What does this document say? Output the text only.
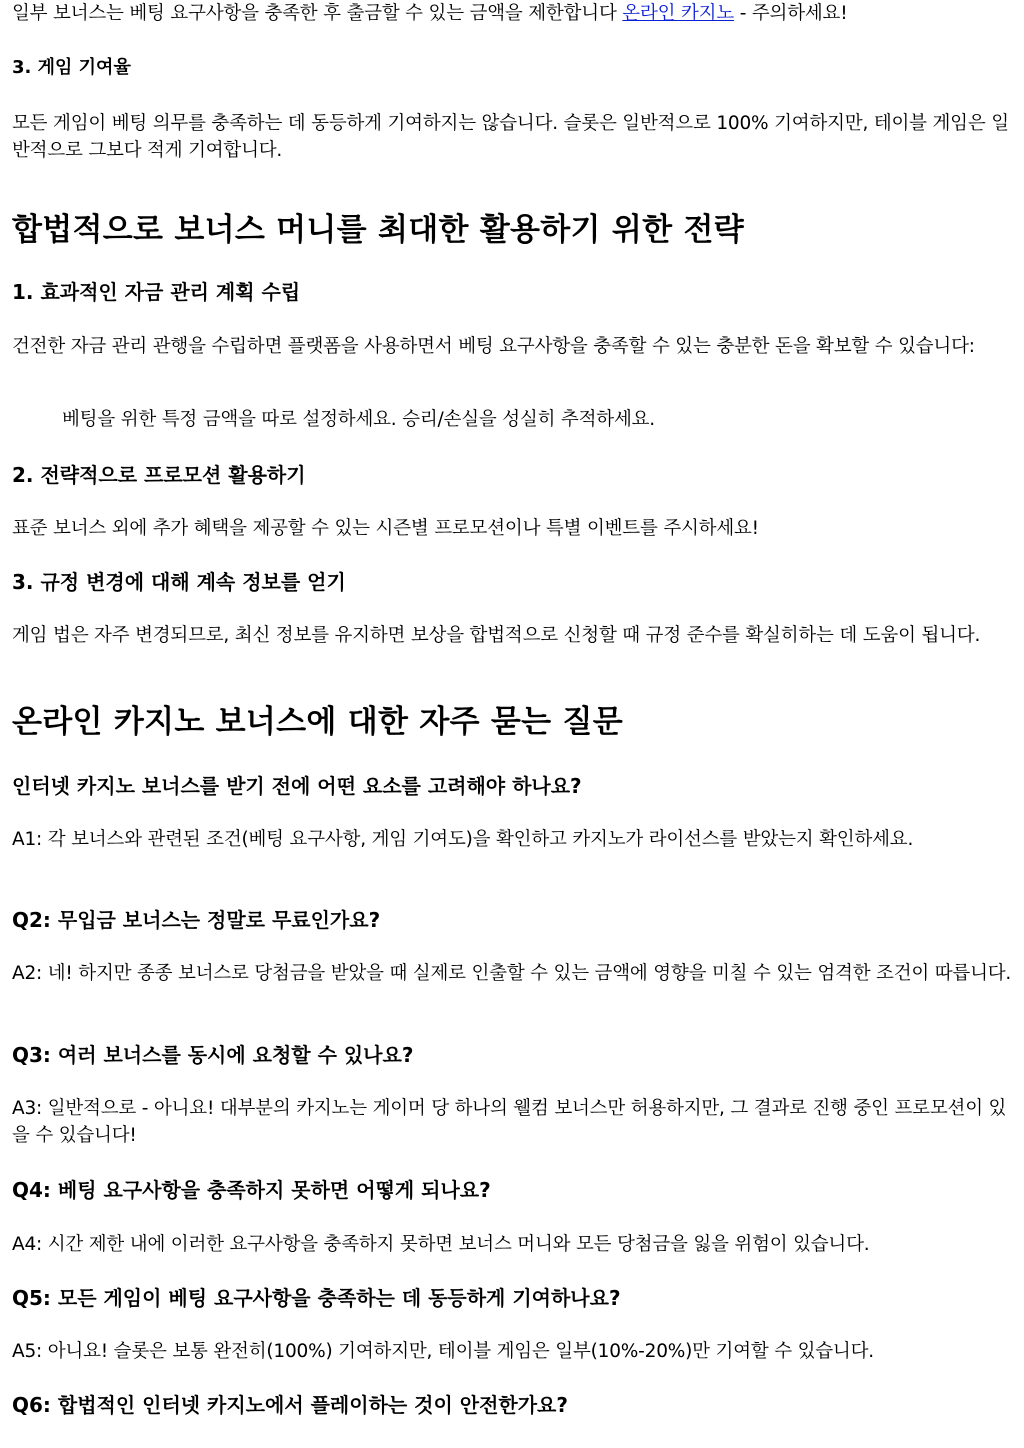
일부 보너스는 베팅 요구사항을 충족한 후 출금할 수 있는 금액을 제한합니다 온라인 카지노 - 주의하세요!

3. 게임 기여율

모든 게임이 베팅 의무를 충족하는 데 동등하게 기여하지는 않습니다. 슬롯은 일반적으로 100% 기여하지만, 테이블 게임은 일반적으로 그보다 적게 기여합니다.

합법적으로 보너스 머니를 최대한 활용하기 위한 전략
1. 효과적인 자금 관리 계획 수립

건전한 자금 관리 관행을 수립하면 플랫폼을 사용하면서 베팅 요구사항을 충족할 수 있는 충분한 돈을 확보할 수 있습니다:

베팅을 위한 특정 금액을 따로 설정하세요. 승리/손실을 성실히 추적하세요.

2. 전략적으로 프로모션 활용하기

표준 보너스 외에 추가 혜택을 제공할 수 있는 시즌별 프로모션이나 특별 이벤트를 주시하세요!

3. 규정 변경에 대해 계속 정보를 얻기

게임 법은 자주 변경되므로, 최신 정보를 유지하면 보상을 합법적으로 신청할 때 규정 준수를 확실히하는 데 도움이 됩니다.

온라인 카지노 보너스에 대한 자주 묻는 질문
인터넷 카지노 보너스를 받기 전에 어떤 요소를 고려해야 하나요?

A1: 각 보너스와 관련된 조건(베팅 요구사항, 게임 기여도)을 확인하고 카지노가 라이선스를 받았는지 확인하세요.

Q2: 무입금 보너스는 정말로 무료인가요?

A2: 네! 하지만 종종 보너스로 당첨금을 받았을 때 실제로 인출할 수 있는 금액에 영향을 미칠 수 있는 엄격한 조건이 따릅니다.

Q3: 여러 보너스를 동시에 요청할 수 있나요?

A3: 일반적으로 - 아니요! 대부분의 카지노는 게이머 당 하나의 웰컴 보너스만 허용하지만, 그 결과로 진행 중인 프로모션이 있을 수 있습니다!

Q4: 베팅 요구사항을 충족하지 못하면 어떻게 되나요?

A4: 시간 제한 내에 이러한 요구사항을 충족하지 못하면 보너스 머니와 모든 당첨금을 잃을 위험이 있습니다.

Q5: 모든 게임이 베팅 요구사항을 충족하는 데 동등하게 기여하나요?

A5: 아니요! 슬롯은 보통 완전히(100%) 기여하지만, 테이블 게임은 일부(10%-20%)만 기여할 수 있습니다.

Q6: 합법적인 인터넷 카지노에서 플레이하는 것이 안전한가요?
